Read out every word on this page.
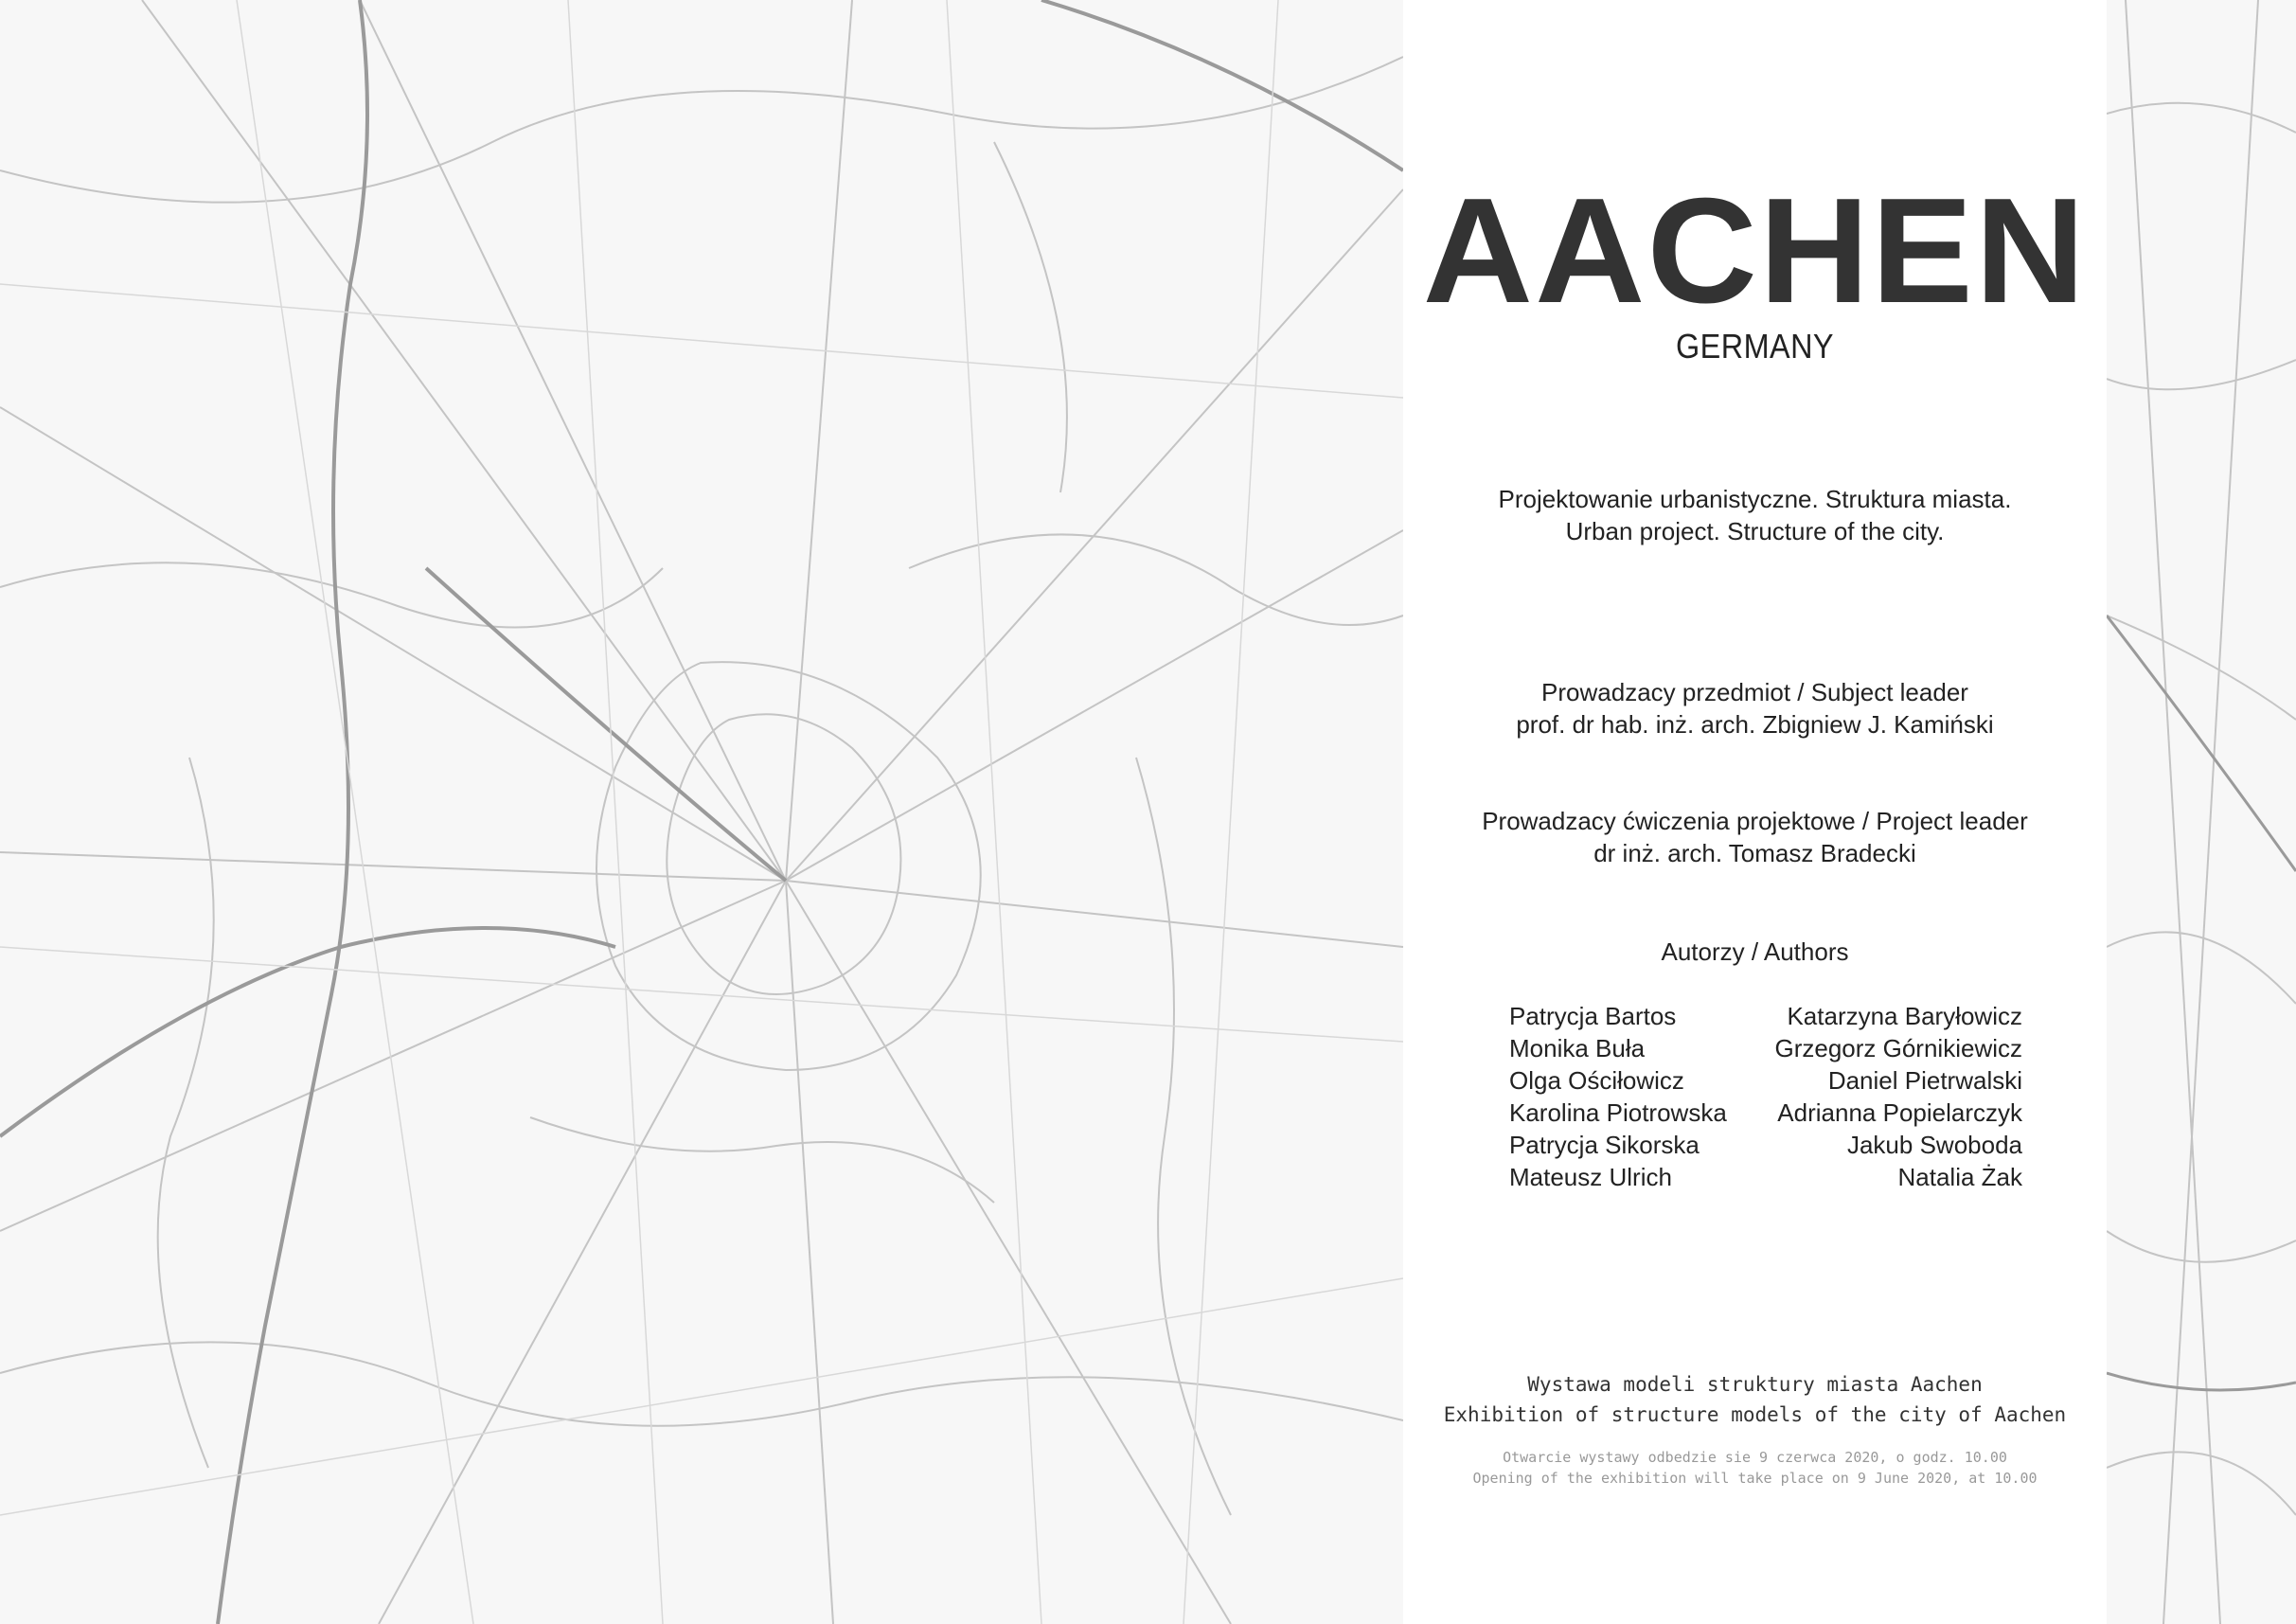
AACHEN
GERMANY
Projektowanie urbanistyczne. Struktura miasta.
Urban project. Structure of the city.
Prowadzacy przedmiot / Subject leader
prof. dr hab. inż. arch. Zbigniew J. Kamiński
Prowadzacy ćwiczenia projektowe / Project leader
dr inż. arch. Tomasz Bradecki
Autorzy / Authors
Patrycja Bartos
Monika Buła
Olga Ościłowicz
Karolina Piotrowska
Patrycja Sikorska
Mateusz Ulrich
Katarzyna Baryłowicz
Grzegorz Górnikiewicz
Daniel Pietrwalski
Adrianna Popielarczyk
Jakub Swoboda
Natalia Żak
Wystawa modeli struktury miasta Aachen
Exhibition of structure models of the city of Aachen
Otwarcie wystawy odbedzie sie 9 czerwca 2020, o godz. 10.00
Opening of the exhibition will take place on 9 June 2020, at 10.00
